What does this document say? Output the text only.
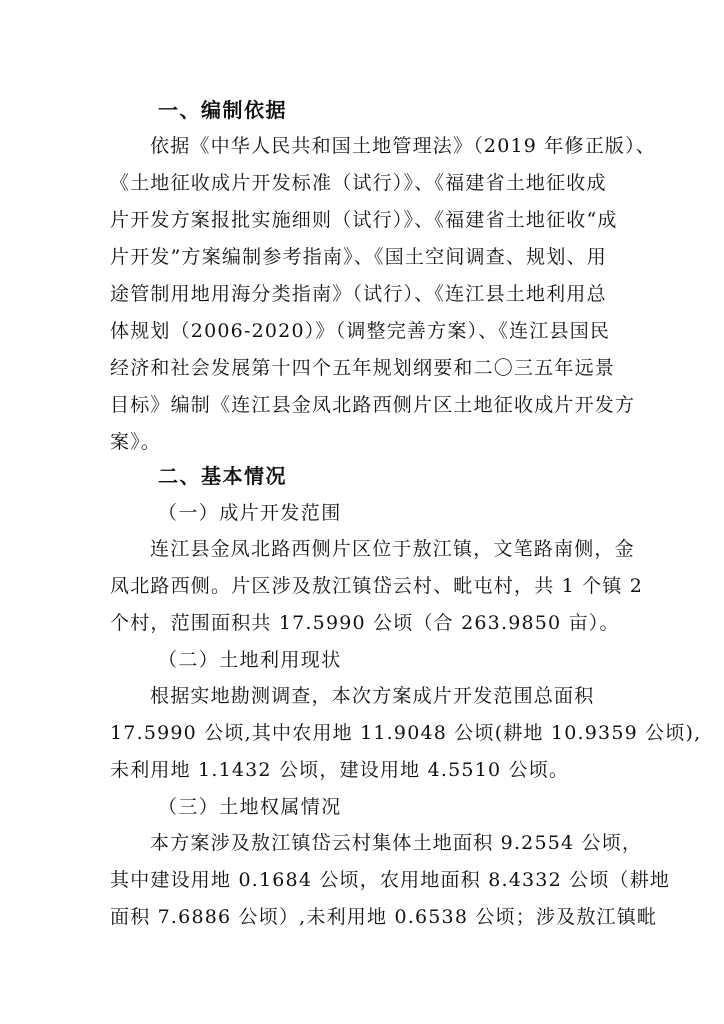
一、编制依据
依据《中华人民共和国土地管理法》（2019 年修正版）、
《土地征收成片开发标准（试行）》、《福建省土地征收成
片开发方案报批实施细则（试行）》、《福建省土地征收“成
片开发”方案编制参考指南》、《国土空间调查、规划、用
途管制用地用海分类指南》（试行）、《连江县土地利用总
体规划（2006-2020）》（调整完善方案）、《连江县国民
经济和社会发展第十四个五年规划纲要和二〇三五年远景
目标》编制《连江县金凤北路西侧片区土地征收成片开发方
案》。
二、基本情况
（一）成片开发范围
连江县金凤北路西侧片区位于敖江镇，文笔路南侧，金
凤北路西侧。片区涉及敖江镇岱云村、毗屯村，共 1 个镇 2
个村，范围面积共 17.5990 公顷（合 263.9850 亩）。
（二）土地利用现状
根据实地勘测调查，本次方案成片开发范围总面积
17.5990 公顷,其中农用地 11.9048 公顷(耕地 10.9359 公顷),
未利用地 1.1432 公顷，建设用地 4.5510 公顷。
（三）土地权属情况
本方案涉及敖江镇岱云村集体土地面积 9.2554 公顷，
其中建设用地 0.1684 公顷，农用地面积 8.4332 公顷（耕地
面积 7.6886 公顷）,未利用地 0.6538 公顷；涉及敖江镇毗
